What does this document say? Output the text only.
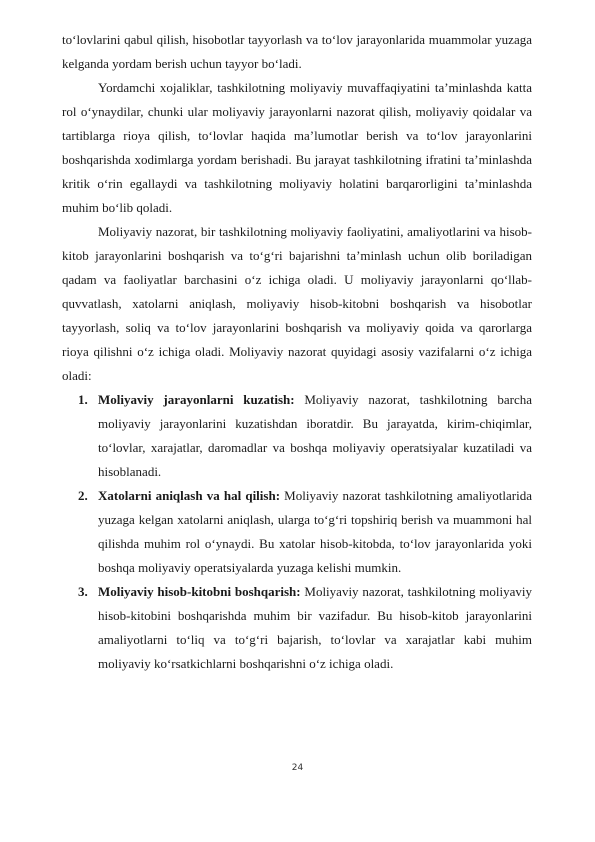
to‘lovlarini qabul qilish, hisobotlar tayyorlash va to‘lov jarayonlarida muammolar yuzaga kelganda yordam berish uchun tayyor bo‘ladi.

Yordamchi xojaliklar, tashkilotning moliyaviy muvaffaqiyatini ta’minlashda katta rol o‘ynaydilar, chunki ular moliyaviy jarayonlarni nazorat qilish, moliyaviy qoidalar va tartiblarga rioya qilish, to‘lovlar haqida ma’lumotlar berish va to‘lov jarayonlarini boshqarishda xodimlarga yordam berishadi. Bu jarayat tashkilotning ifratini ta’minlashda kritik o‘rin egallaydi va tashkilotning moliyaviy holatini barqarorligini ta’minlashda muhim bo‘lib qoladi.

Moliyaviy nazorat, bir tashkilotning moliyaviy faoliyatini, amaliyotlarini va hisob-kitob jarayonlarini boshqarish va to‘g‘ri bajarishni ta’minlash uchun olib boriladigan qadam va faoliyatlar barchasini o‘z ichiga oladi. U moliyaviy jarayonlarni qo‘llab-quvvatlash, xatolarni aniqlash, moliyaviy hisob-kitobni boshqarish va hisobotlar tayyorlash, soliq va to‘lov jarayonlarini boshqarish va moliyaviy qoida va qarorlarga rioya qilishni o‘z ichiga oladi. Moliyaviy nazorat quyidagi asosiy vazifalarni o‘z ichiga oladi:

1. Moliyaviy jarayonlarni kuzatish: Moliyaviy nazorat, tashkilotning barcha moliyaviy jarayonlarini kuzatishdan iboratdir. Bu jarayatda, kirim-chiqimlar, to‘lovlar, xarajatlar, daromadlar va boshqa moliyaviy operatsiyalar kuzatiladi va hisoblanadi.
2. Xatolarni aniqlash va hal qilish: Moliyaviy nazorat tashkilotning amaliyotlarida yuzaga kelgan xatolarni aniqlash, ularga to‘g‘ri topshiriq berish va muammoni hal qilishda muhim rol o‘ynaydi. Bu xatolar hisob-kitobda, to‘lov jarayonlarida yoki boshqa moliyaviy operatsiyalarda yuzaga kelishi mumkin.
3. Moliyaviy hisob-kitobni boshqarish: Moliyaviy nazorat, tashkilotning moliyaviy hisob-kitobini boshqarishda muhim bir vazifadur. Bu hisob-kitob jarayonlarini amaliyotlarni to‘liq va to‘g‘ri bajarish, to‘lovlar va xarajatlar kabi muhim moliyaviy ko‘rsatkichlarni boshqarishni o‘z ichiga oladi.
24
